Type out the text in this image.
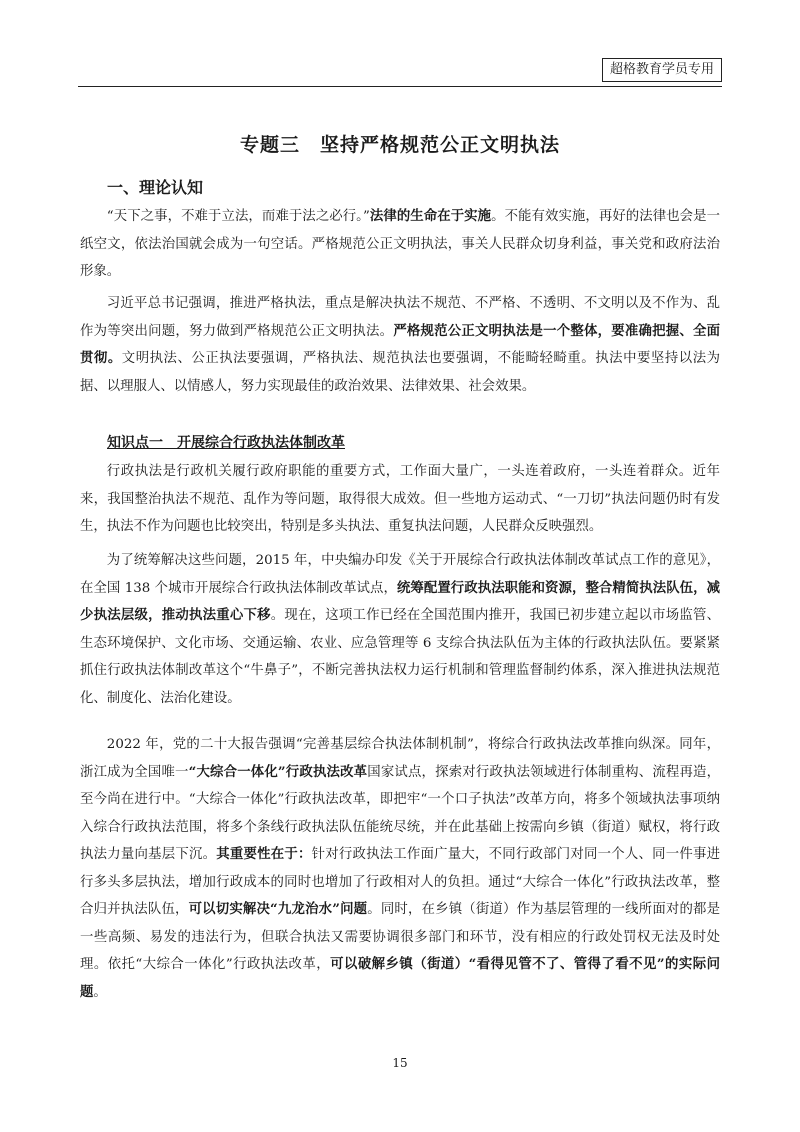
超格教育学员专用
专题三　坚持严格规范公正文明执法
一、理论认知

“天下之事，不难于立法，而难于法之必行。”法律的生命在于实施。不能有效实施，再好的法律也会是一纸空文，依法治国就会成为一句空话。严格规范公正文明执法，事关人民群众切身利益，事关党和政府法治形象。

习近平总书记强调，推进严格执法，重点是解决执法不规范、不严格、不透明、不文明以及不作为、乱作为等突出问题，努力做到严格规范公正文明执法。严格规范公正文明执法是一个整体，要准确把握、全面贯彻。文明执法、公正执法要强调，严格执法、规范执法也要强调，不能畸轻畸重。执法中要坚持以法为据、以理服人、以情感人，努力实现最佳的政治效果、法律效果、社会效果。

知识点一　开展综合行政执法体制改革

行政执法是行政机关履行政府职能的重要方式，工作面大量广，一头连着政府，一头连着群众。近年来，我国整治执法不规范、乱作为等问题，取得很大成效。但一些地方运动式、“一刀切”执法问题仍时有发生，执法不作为问题也比较突出，特别是多头执法、重复执法问题，人民群众反映强烈。

为了统筹解决这些问题，2015 年，中央编办印发《关于开展综合行政执法体制改革试点工作的意见》，在全国 138 个城市开展综合行政执法体制改革试点，统筹配置行政执法职能和资源，整合精简执法队伍，减少执法层级，推动执法重心下移。现在，这项工作已经在全国范围内推开，我国已初步建立起以市场监管、生态环境保护、文化市场、交通运输、农业、应急管理等 6 支综合执法队伍为主体的行政执法队伍。要紧紧抓住行政执法体制改革这个“牛鼻子”，不断完善执法权力运行机制和管理监督制约体系，深入推进执法规范化、制度化、法治化建设。

2022 年，党的二十大报告强调“完善基层综合执法体制机制”，将综合行政执法改革推向纵深。同年，浙江成为全国唯一“大综合一体化”行政执法改革国家试点，探索对行政执法领域进行体制重构、流程再造，至今尚在进行中。“大综合一体化”行政执法改革，即把牢“一个口子执法”改革方向，将多个领域执法事项纳入综合行政执法范围，将多个条线行政执法队伍能统尽统，并在此基础上按需向乡镇（街道）赋权，将行政执法力量向基层下沉。其重要性在于：针对行政执法工作面广量大，不同行政部门对同一个人、同一件事进行多头多层执法，增加行政成本的同时也增加了行政相对人的负担。通过“大综合一体化”行政执法改革，整合归并执法队伍，可以切实解决“九龙治水”问题。同时，在乡镇（街道）作为基层管理的一线所面对的都是一些高频、易发的违法行为，但联合执法又需要协调很多部门和环节，没有相应的行政处罚权无法及时处理。依托“大综合一体化”行政执法改革，可以破解乡镇（街道）“看得见管不了、管得了看不见”的实际问题。

15
